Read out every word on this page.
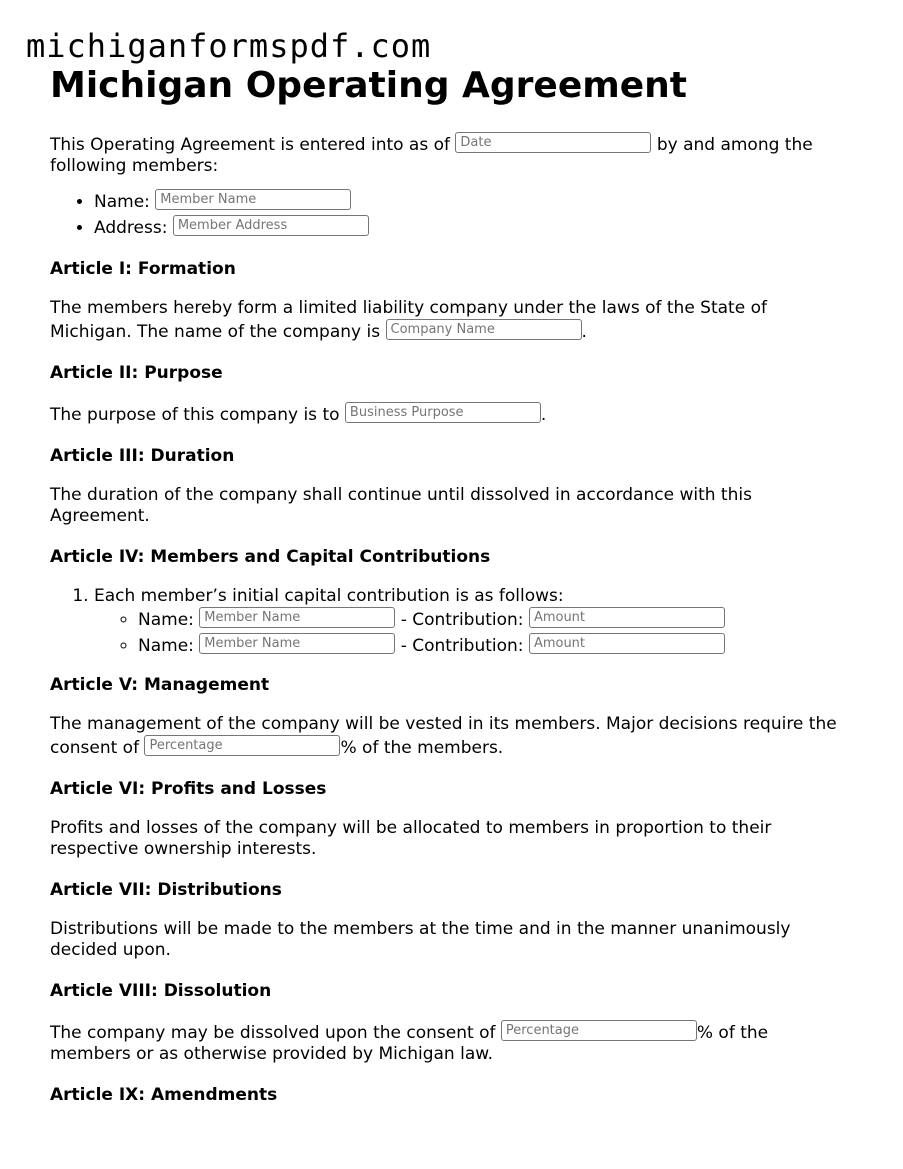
michiganformspdf.com
Michigan Operating Agreement

This Operating Agreement is entered into as of Date	by and among the following members:

• Name: Member Name
• Address: Member Address
Article I: Formation

The members hereby form a limited liability company under the laws of the State of Michigan. The name of the company is Company Name	.

Article II: Purpose

The purpose of this company is to Business Purpose	.

Article III: Duration

The duration of the company shall continue until dissolved in accordance with this Agreement.

Article IV: Members and Capital Contributions
1. Each member’s initial capital contribution is as follows:
◦ Name: Member Name	- Contribution: Amount
◦ Name: Member Name	- Contribution: Amount
Article V: Management

The management of the company will be vested in its members. Major decisions require the consent of Percentage	% of the members.

Article VI: Profits and Losses

Profits and losses of the company will be allocated to members in proportion to their respective ownership interests.

Article VII: Distributions

Distributions will be made to the members at the time and in the manner unanimously decided upon.

Article VIII: Dissolution

The company may be dissolved upon the consent of Percentage	% of the members or as otherwise provided by Michigan law.

Article IX: Amendments
